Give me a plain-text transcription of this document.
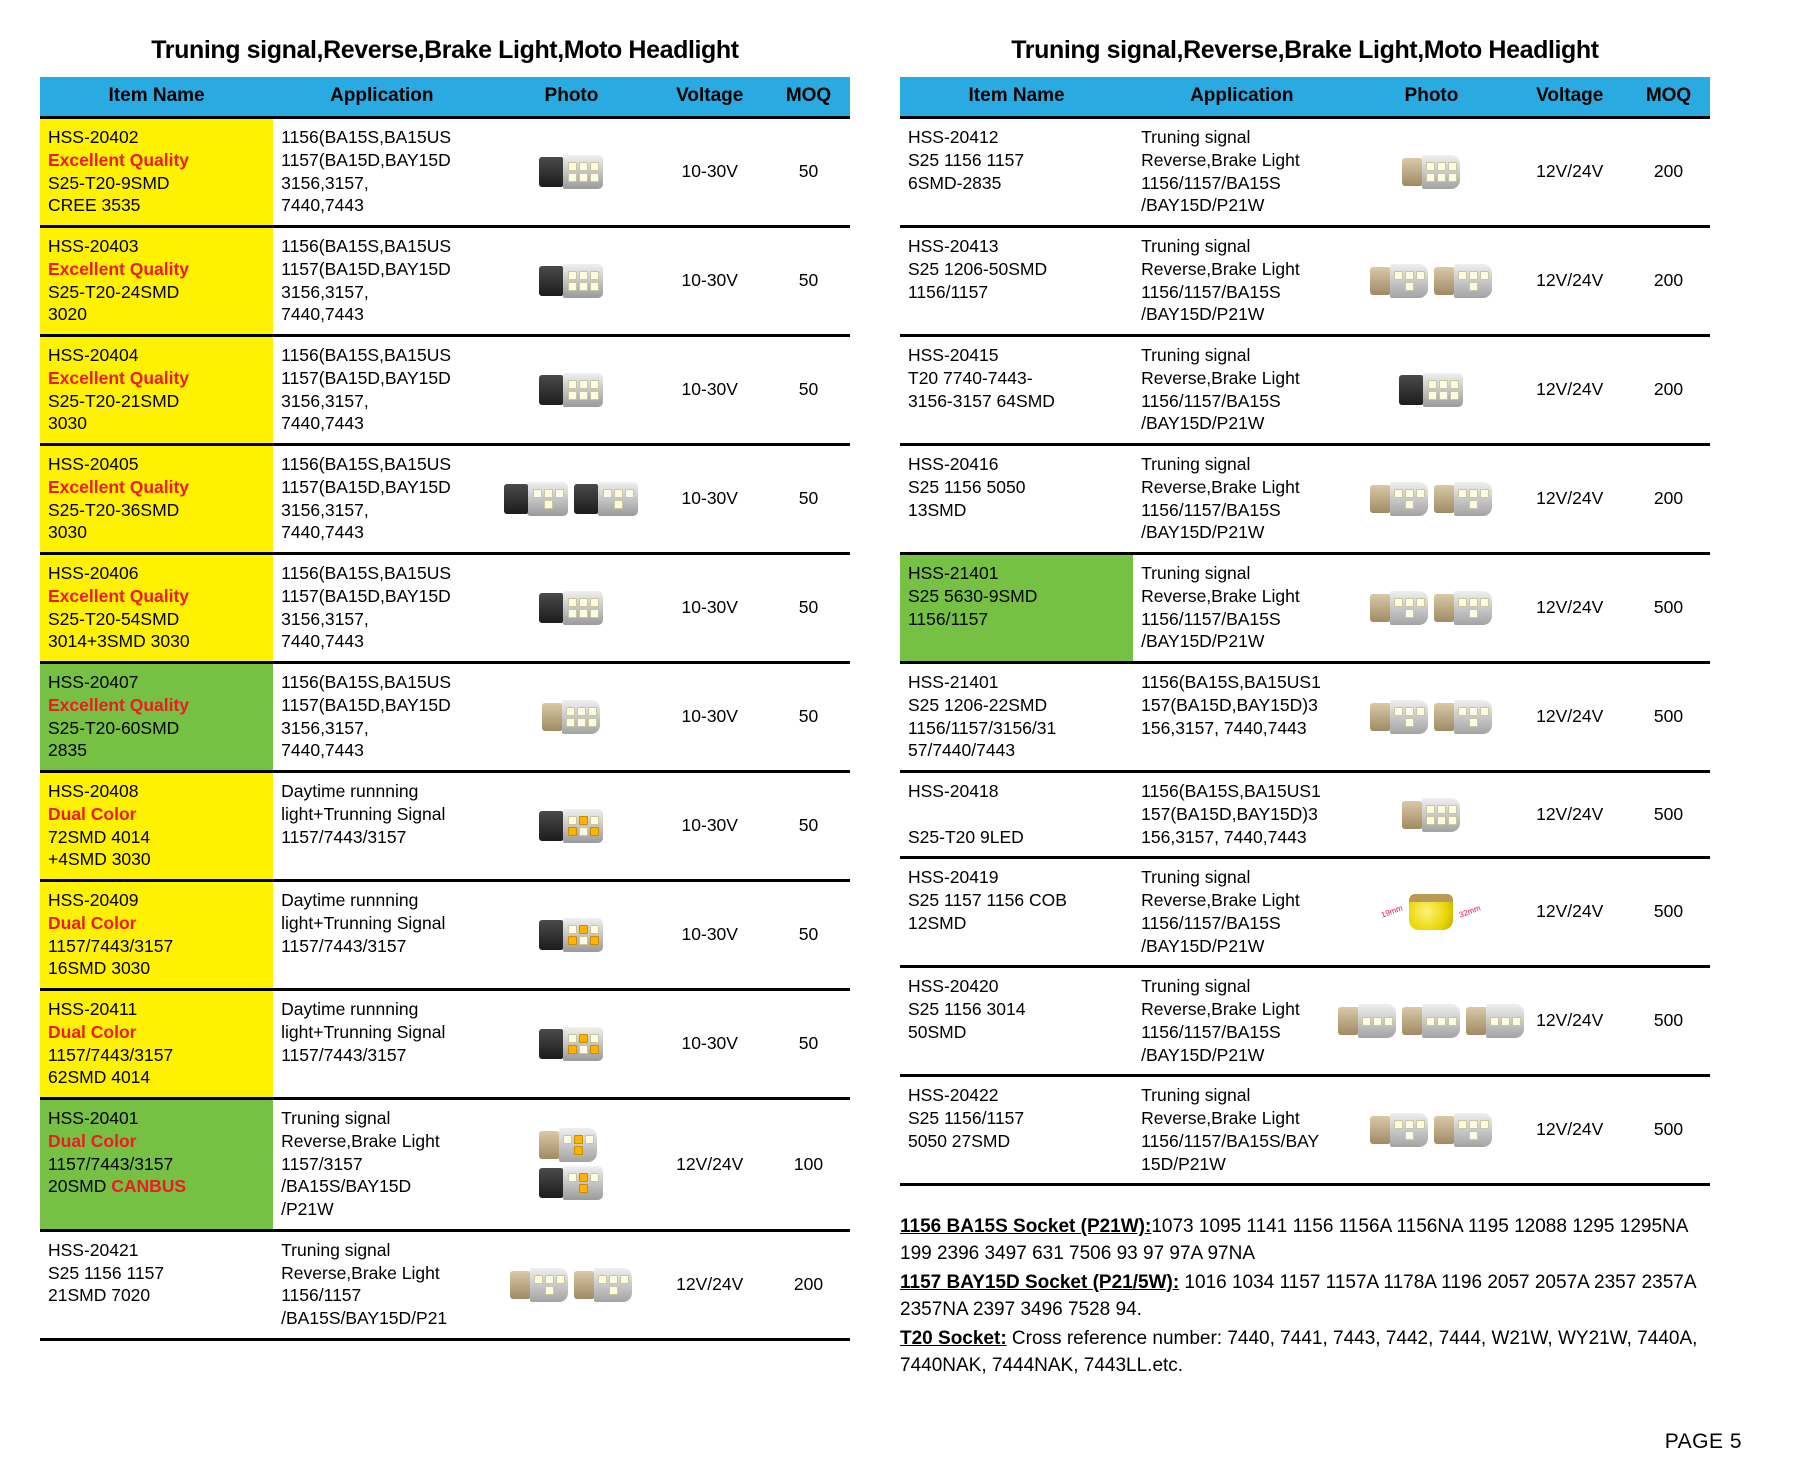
Truning signal,Reverse,Brake Light,Moto Headlight
Item Name	Application	Photo	Voltage	MOQ
HSS-20402
Excellent Quality
S25-T20-9SMD
CREE 3535	1156(BA15S,BA15US
1157(BA15D,BAY15D
3156,3157,
7440,7443		10-30V	50
HSS-20403
Excellent Quality
S25-T20-24SMD
3020	1156(BA15S,BA15US
1157(BA15D,BAY15D
3156,3157,
7440,7443		10-30V	50
HSS-20404
Excellent Quality
S25-T20-21SMD
3030	1156(BA15S,BA15US
1157(BA15D,BAY15D
3156,3157,
7440,7443		10-30V	50
HSS-20405
Excellent Quality
S25-T20-36SMD
3030	1156(BA15S,BA15US
1157(BA15D,BAY15D
3156,3157,
7440,7443		10-30V	50
HSS-20406
Excellent Quality
S25-T20-54SMD
3014+3SMD 3030	1156(BA15S,BA15US
1157(BA15D,BAY15D
3156,3157,
7440,7443		10-30V	50
HSS-20407
Excellent Quality
S25-T20-60SMD
2835	1156(BA15S,BA15US
1157(BA15D,BAY15D
3156,3157,
7440,7443		10-30V	50
HSS-20408
Dual Color
72SMD 4014
+4SMD 3030	Daytime runnning
light+Trunning Signal
1157/7443/3157		10-30V	50
HSS-20409
Dual Color
1157/7443/3157
16SMD 3030	Daytime runnning
light+Trunning Signal
1157/7443/3157		10-30V	50
HSS-20411
Dual Color
1157/7443/3157
62SMD 4014	Daytime runnning
light+Trunning Signal
1157/7443/3157		10-30V	50
HSS-20401
Dual Color
1157/7443/3157
20SMD CANBUS	Truning signal
Reverse,Brake Light
1157/3157
/BA15S/BAY15D
/P21W		12V/24V	100
HSS-20421
S25 1156 1157
21SMD 7020	Truning signal
Reverse,Brake Light
1156/1157
/BA15S/BAY15D/P21		12V/24V	200
Truning signal,Reverse,Brake Light,Moto Headlight
Item Name	Application	Photo	Voltage	MOQ
HSS-20412
S25 1156 1157
6SMD-2835	Truning signal
Reverse,Brake Light
1156/1157/BA15S
/BAY15D/P21W		12V/24V	200
HSS-20413
S25 1206-50SMD
1156/1157	Truning signal
Reverse,Brake Light
1156/1157/BA15S
/BAY15D/P21W		12V/24V	200
HSS-20415
T20 7740-7443-
3156-3157 64SMD	Truning signal
Reverse,Brake Light
1156/1157/BA15S
/BAY15D/P21W		12V/24V	200
HSS-20416
S25 1156 5050
13SMD	Truning signal
Reverse,Brake Light
1156/1157/BA15S
/BAY15D/P21W		12V/24V	200
HSS-21401
S25 5630-9SMD
1156/1157	Truning signal
Reverse,Brake Light
1156/1157/BA15S
/BAY15D/P21W		12V/24V	500
HSS-21401
S25 1206-22SMD
1156/1157/3156/31
57/7440/7443	1156(BA15S,BA15US1
157(BA15D,BAY15D)3
156,3157, 7440,7443		12V/24V	500
HSS-20418

S25-T20 9LED	1156(BA15S,BA15US1
157(BA15D,BAY15D)3
156,3157, 7440,7443		12V/24V	500
HSS-20419
S25 1157 1156 COB
12SMD	Truning signal
Reverse,Brake Light
1156/1157/BA15S
/BAY15D/P21W	19mm 32mm	12V/24V	500
HSS-20420
S25 1156 3014
50SMD	Truning signal
Reverse,Brake Light
1156/1157/BA15S
/BAY15D/P21W		12V/24V	500
HSS-20422
S25 1156/1157
5050 27SMD	Truning signal
Reverse,Brake Light
1156/1157/BA15S/BAY
15D/P21W		12V/24V	500

1156 BA15S Socket (P21W):1073 1095 1141 1156 1156A 1156NA 1195 12088 1295 1295NA 199 2396 3497 631 7506 93 97 97A 97NA

1157 BAY15D Socket (P21/5W): 1016 1034 1157 1157A 1178A 1196 2057 2057A 2357 2357A 2357NA 2397 3496 7528 94.

T20 Socket: Cross reference number: 7440, 7441, 7443, 7442, 7444, W21W, WY21W, 7440A, 7440NAK, 7444NAK, 7443LL.etc.

PAGE 5
